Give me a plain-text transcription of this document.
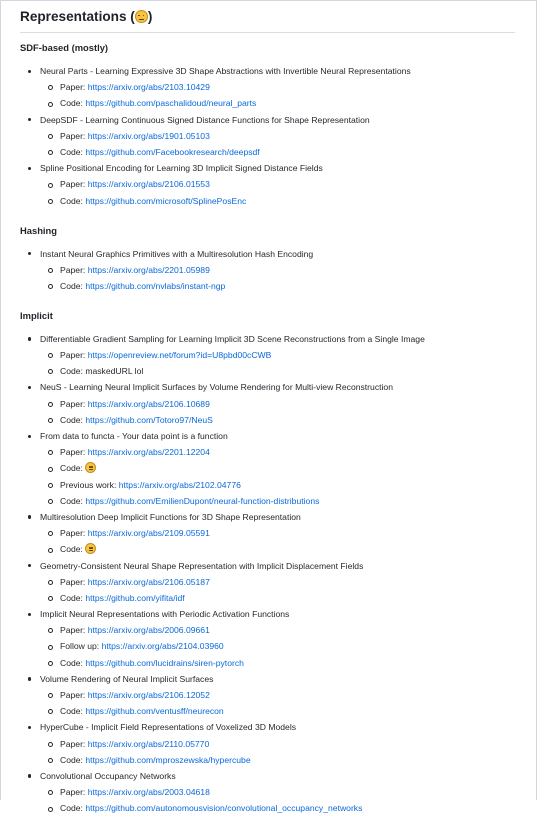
Representations ( )
SDF-based (mostly)
Neural Parts - Learning Expressive 3D Shape Abstractions with Invertible Neural Representations
Paper: https://arxiv.org/abs/2103.10429
Code: https://github.com/paschalidoud/neural_parts
DeepSDF - Learning Continuous Signed Distance Functions for Shape Representation
Paper: https://arxiv.org/abs/1901.05103
Code: https://github.com/Facebookresearch/deepsdf
Spline Positional Encoding for Learning 3D Implicit Signed Distance Fields
Paper: https://arxiv.org/abs/2106.01553
Code: https://github.com/microsoft/SplinePosEnc
Hashing
Instant Neural Graphics Primitives with a Multiresolution Hash Encoding
Paper: https://arxiv.org/abs/2201.05989
Code: https://github.com/nvlabs/instant-ngp
Implicit
Differentiable Gradient Sampling for Learning Implicit 3D Scene Reconstructions from a Single Image
Paper: https://openreview.net/forum?id=U8pbd00cCWB
Code: maskedURL lol
NeuS - Learning Neural Implicit Surfaces by Volume Rendering for Multi-view Reconstruction
Paper: https://arxiv.org/abs/2106.10689
Code: https://github.com/Totoro97/NeuS
From data to functa - Your data point is a function
Paper: https://arxiv.org/abs/2201.12204
Code:
Previous work: https://arxiv.org/abs/2102.04776
Code: https://github.com/EmilienDupont/neural-function-distributions
Multiresolution Deep Implicit Functions for 3D Shape Representation
Paper: https://arxiv.org/abs/2109.05591
Code:
Geometry-Consistent Neural Shape Representation with Implicit Displacement Fields
Paper: https://arxiv.org/abs/2106.05187
Code: https://github.com/yifita/idf
Implicit Neural Representations with Periodic Activation Functions
Paper: https://arxiv.org/abs/2006.09661
Follow up: https://arxiv.org/abs/2104.03960
Code: https://github.com/lucidrains/siren-pytorch
Volume Rendering of Neural Implicit Surfaces
Paper: https://arxiv.org/abs/2106.12052
Code: https://github.com/ventusff/neurecon
HyperCube - Implicit Field Representations of Voxelized 3D Models
Paper: https://arxiv.org/abs/2110.05770
Code: https://github.com/mproszewska/hypercube
Convolutional Occupancy Networks
Paper: https://arxiv.org/abs/2003.04618
Code: https://github.com/autonomousvision/convolutional_occupancy_networks
